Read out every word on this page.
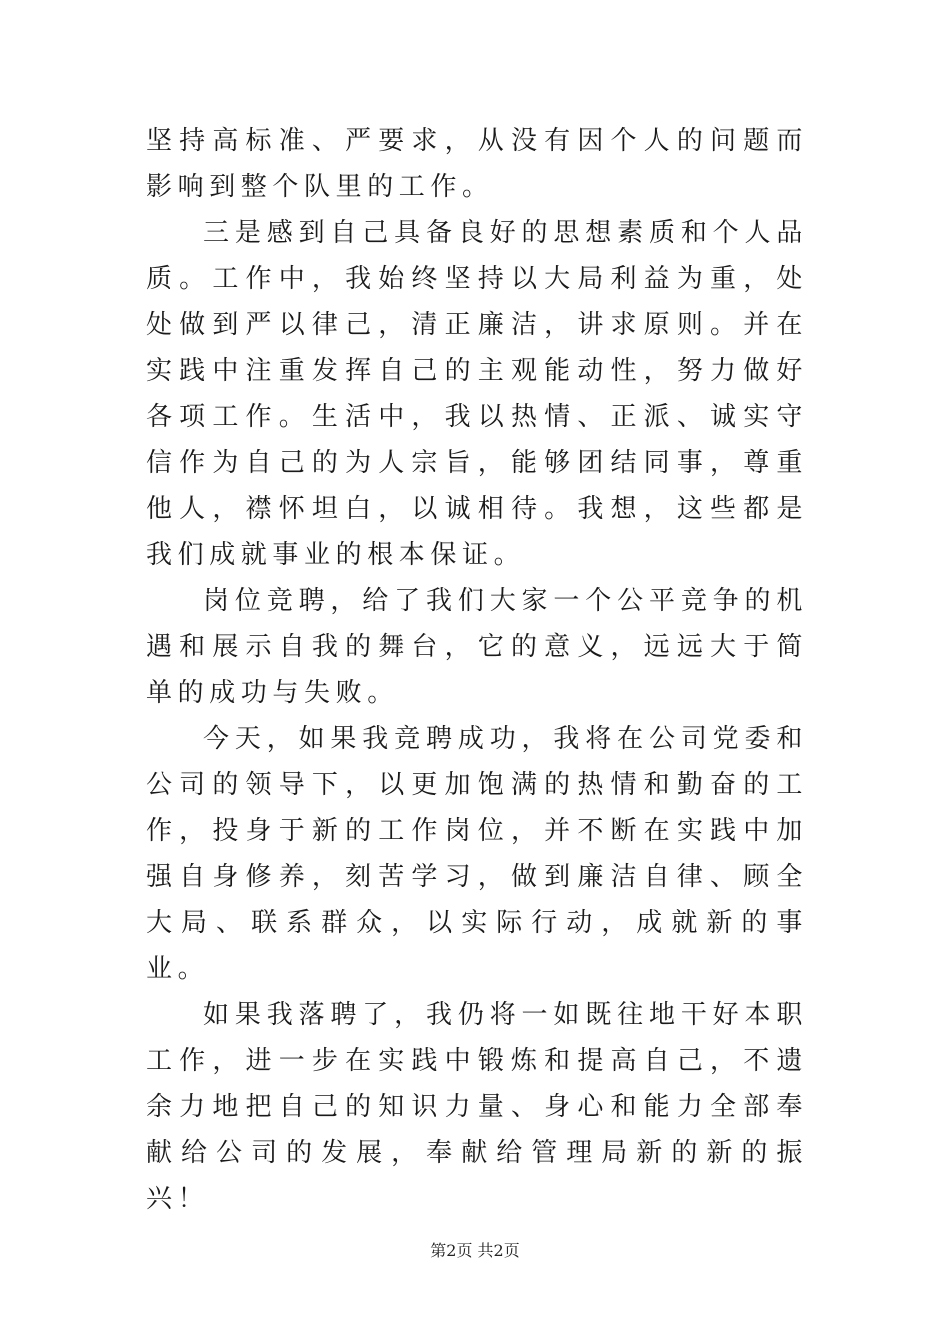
坚持高标准、严要求，从没有因个人的问题而影响到整个队里的工作。

三是感到自己具备良好的思想素质和个人品质。工作中，我始终坚持以大局利益为重，处处做到严以律己，清正廉洁，讲求原则。并在实践中注重发挥自己的主观能动性，努力做好各项工作。生活中，我以热情、正派、诚实守信作为自己的为人宗旨，能够团结同事，尊重他人，襟怀坦白，以诚相待。我想，这些都是我们成就事业的根本保证。

岗位竞聘，给了我们大家一个公平竞争的机遇和展示自我的舞台，它的意义，远远大于简单的成功与失败。

今天，如果我竞聘成功，我将在公司党委和公司的领导下，以更加饱满的热情和勤奋的工作，投身于新的工作岗位，并不断在实践中加强自身修养，刻苦学习，做到廉洁自律、顾全大局、联系群众，以实际行动，成就新的事业。

如果我落聘了，我仍将一如既往地干好本职工作，进一步在实践中锻炼和提高自己，不遗余力地把自己的知识力量、身心和能力全部奉献给公司的发展，奉献给管理局新的新的振兴！

第2页 共2页
